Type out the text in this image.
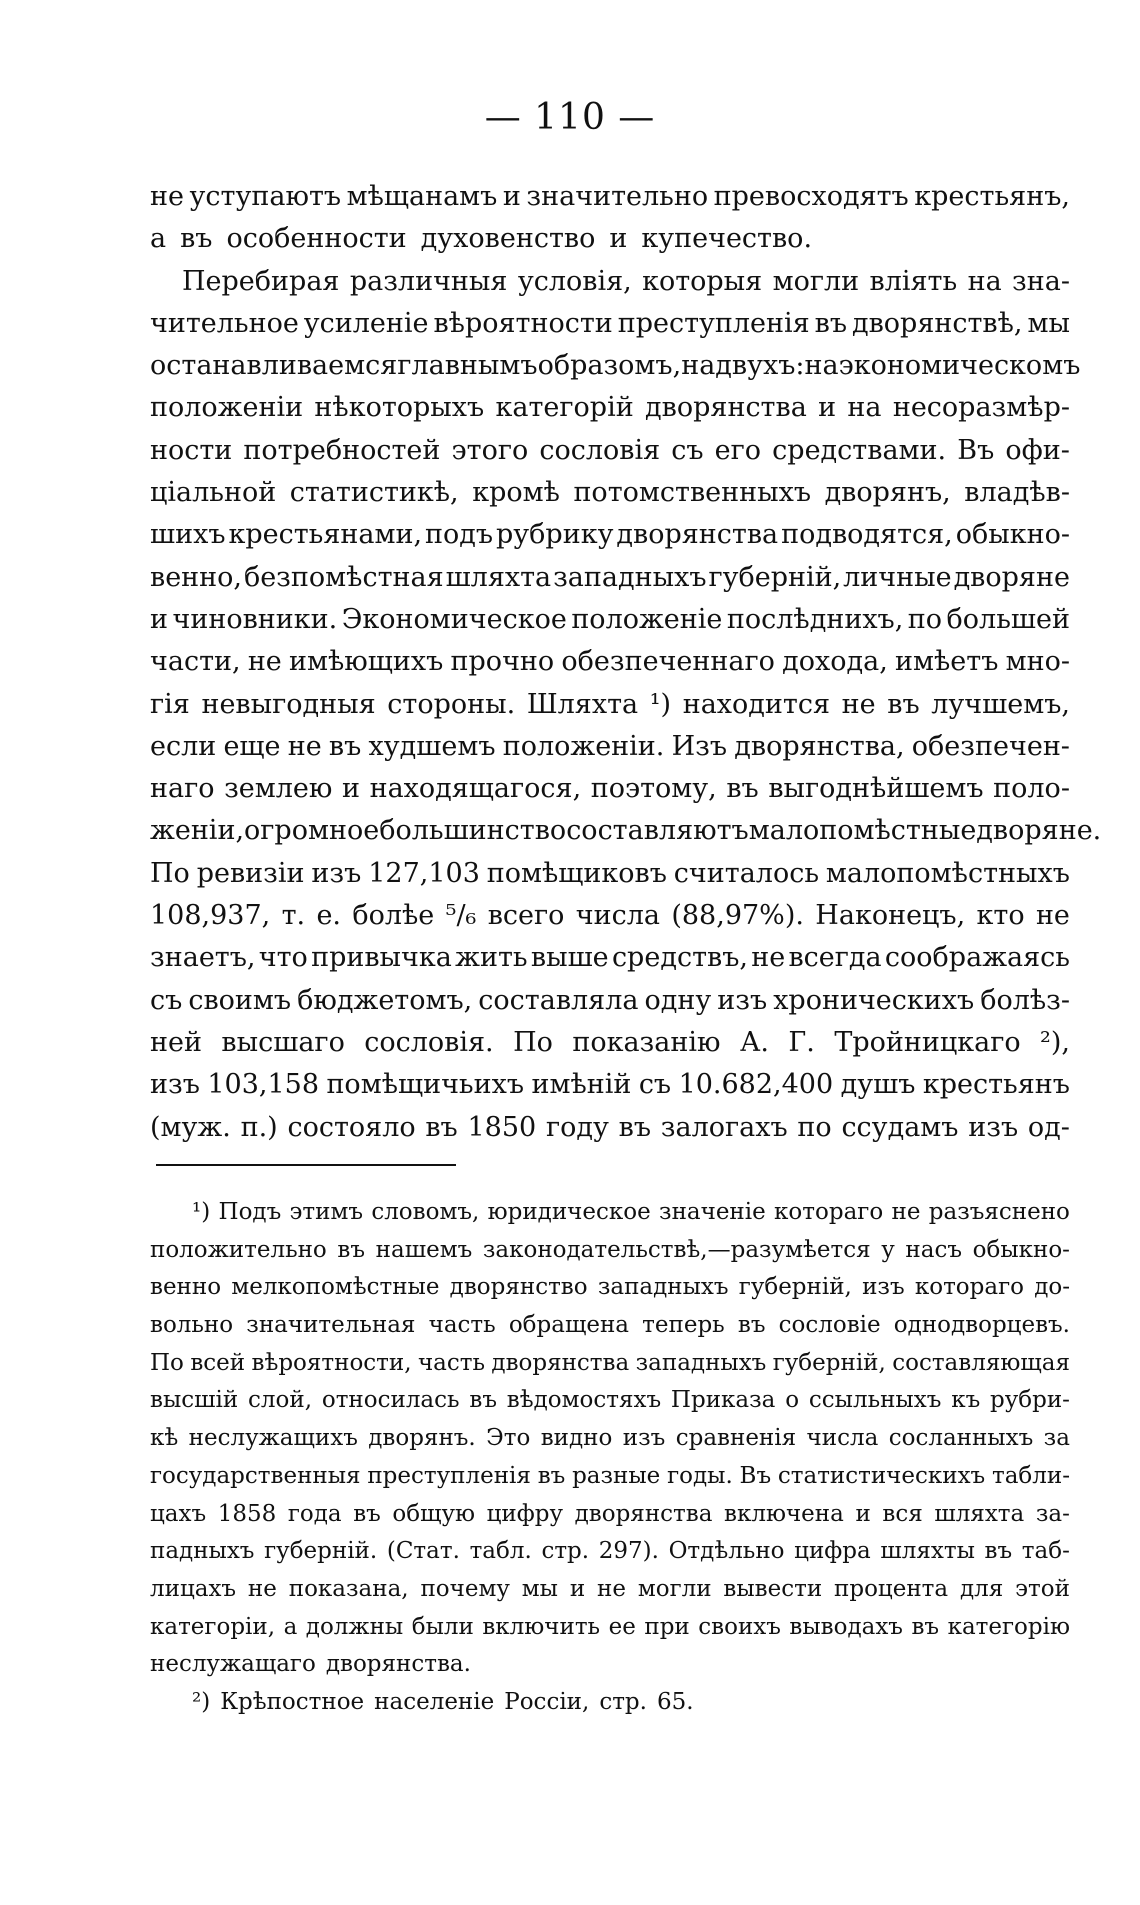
— 110 —
не уступаютъ мѣщанамъ и значительно превосходятъ крестьянъ,
а въ особенности духовенство и купечество.
Перебирая различныя условія, которыя могли вліять на зна-
чительное усиленіе вѣроятности преступленія въ дворянствѣ, мы
останавливаемся главнымъ образомъ, на двухъ: на экономическомъ
положеніи нѣкоторыхъ категорій дворянства и на несоразмѣр-
ности потребностей этого сословія съ его средствами. Въ офи-
ціальной статистикѣ, кромѣ потомственныхъ дворянъ, владѣв-
шихъ крестьянами, подъ рубрику дворянства подводятся, обыкно-
венно, безпомѣстная шляхта западныхъ губерній, личные дворяне
и чиновники. Экономическое положеніе послѣднихъ, по большей
части, не имѣющихъ прочно обезпеченнаго дохода, имѣетъ мно-
гія невыгодныя стороны. Шляхта ¹) находится не въ лучшемъ,
если еще не въ худшемъ положеніи. Изъ дворянства, обезпечен-
наго землею и находящагося, поэтому, въ выгоднѣйшемъ поло-
женіи, огромное большинство составляютъ малопомѣстные дворяне.
По ревизіи изъ 127,103 помѣщиковъ считалось малопомѣстныхъ
108,937, т. е. болѣе ⁵/₆ всего числа (88,97%). Наконецъ, кто не
знаетъ, что привычка жить выше средствъ, не всегда соображаясь
съ своимъ бюджетомъ, составляла одну изъ хроническихъ болѣз-
ней высшаго сословія. По показанію А. Г. Тройницкаго ²),
изъ 103,158 помѣщичьихъ имѣній съ 10.682,400 душъ крестьянъ
(муж. п.) состояло въ 1850 году въ залогахъ по ссудамъ изъ од-
¹) Подъ этимъ словомъ, юридическое значеніе котораго не разъяснено
положительно въ нашемъ законодательствѣ,—разумѣется у насъ обыкно-
венно мелкопомѣстные дворянство западныхъ губерній, изъ котораго до-
вольно значительная часть обращена теперь въ сословіе однодворцевъ.
По всей вѣроятности, часть дворянства западныхъ губерній, составляющая
высшій слой, относилась въ вѣдомостяхъ Приказа о ссыльныхъ къ рубри-
кѣ неслужащихъ дворянъ. Это видно изъ сравненія числа сосланныхъ за
государственныя преступленія въ разные годы. Въ статистическихъ табли-
цахъ 1858 года въ общую цифру дворянства включена и вся шляхта за-
падныхъ губерній. (Стат. табл. стр. 297). Отдѣльно цифра шляхты въ таб-
лицахъ не показана, почему мы и не могли вывести процента для этой
категоріи, а должны были включить ее при своихъ выводахъ въ категорію
неслужащаго дворянства.
²) Крѣпостное населеніе Россіи, стр. 65.
